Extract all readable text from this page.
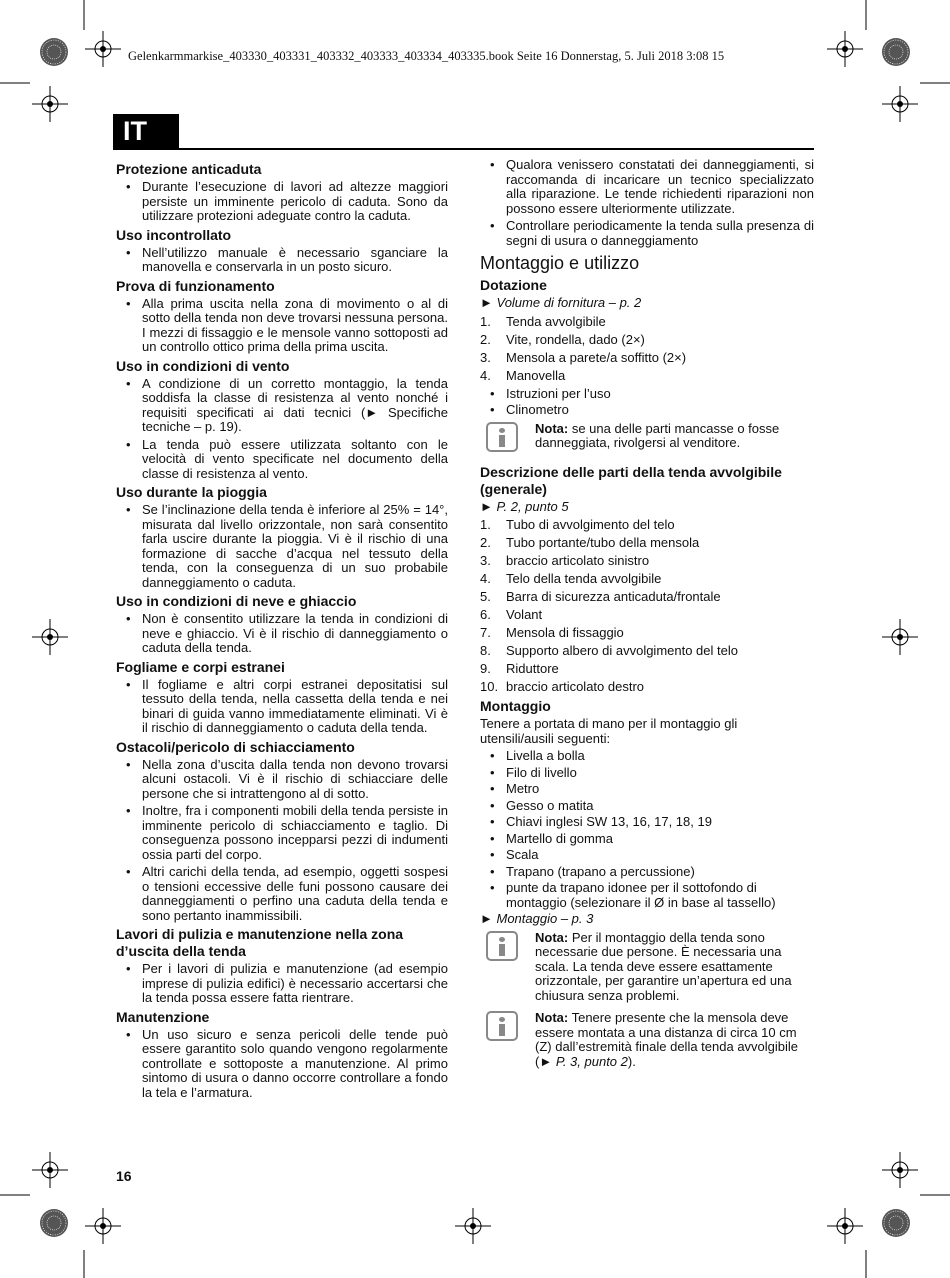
Gelenkarmmarkise_403330_403331_403332_403333_403334_403335.book Seite 16 Donnerstag, 5. Juli 2018 3:08 15
IT
Protezione anticaduta
• Durante l’esecuzione di lavori ad altezze maggiori persiste un imminente pericolo di caduta. Sono da utilizzare protezioni adeguate contro la caduta.
Uso incontrollato
• Nell’utilizzo manuale è necessario sganciare la manovella e conservarla in un posto sicuro.
Prova di funzionamento
• Alla prima uscita nella zona di movimento o al di sotto della tenda non deve trovarsi nessuna persona. I mezzi di fissaggio e le mensole vanno sottoposti ad un controllo ottico prima della prima uscita.
Uso in condizioni di vento
• A condizione di un corretto montaggio, la tenda soddisfa la classe di resistenza al vento nonché i requisiti specificati ai dati tecnici (► Specifiche tecniche – p. 19).
• La tenda può essere utilizzata soltanto con le velocità di vento specificate nel documento della classe di resistenza al vento.
Uso durante la pioggia
• Se l’inclinazione della tenda è inferiore al 25% = 14°, misurata dal livello orizzontale, non sarà consentito farla uscire durante la pioggia. Vi è il rischio di una formazione di sacche d’acqua nel tessuto della tenda, con la conseguenza di un suo probabile danneggiamento o caduta.
Uso in condizioni di neve e ghiaccio
• Non è consentito utilizzare la tenda in condizioni di neve e ghiaccio. Vi è il rischio di danneggiamento o caduta della tenda.
Fogliame e corpi estranei
• Il fogliame e altri corpi estranei depositatisi sul tessuto della tenda, nella cassetta della tenda e nei binari di guida vanno immediatamente eliminati. Vi è il rischio di danneggiamento o caduta della tenda.
Ostacoli/pericolo di schiacciamento
• Nella zona d’uscita dalla tenda non devono trovarsi alcuni ostacoli. Vi è il rischio di schiacciare delle persone che si intrattengono al di sotto.
• Inoltre, fra i componenti mobili della tenda persiste in imminente pericolo di schiacciamento e taglio. Di conseguenza possono incepparsi pezzi di indumenti ossia parti del corpo.
• Altri carichi della tenda, ad esempio, oggetti sospesi o tensioni eccessive delle funi possono causare dei danneggiamenti o perfino una caduta della tenda e sono pertanto inammissibili.
Lavori di pulizia e manutenzione nella zona d’uscita della tenda
• Per i lavori di pulizia e manutenzione (ad esempio imprese di pulizia edifici) è necessario accertarsi che la tenda possa essere fatta rientrare.
Manutenzione
• Un uso sicuro e senza pericoli delle tende può essere garantito solo quando vengono regolarmente controllate e sottoposte a manutenzione. Al primo sintomo di usura o danno occorre controllare a fondo la tela e l’armatura.
• Qualora venissero constatati dei danneggiamenti, si raccomanda di incaricare un tecnico specializzato alla riparazione. Le tende richiedenti riparazioni non possono essere ulteriormente utilizzate.
• Controllare periodicamente la tenda sulla presenza di segni di usura o danneggiamento
Montaggio e utilizzo
Dotazione
► Volume di fornitura – p. 2
1. Tenda avvolgibile
2. Vite, rondella, dado (2×)
3. Mensola a parete/a soffitto (2×)
4. Manovella
• Istruzioni per l’uso
• Clinometro
Nota: se una delle parti mancasse o fosse danneggiata, rivolgersi al venditore.
Descrizione delle parti della tenda avvolgibile (generale)
► P. 2, punto 5
1. Tubo di avvolgimento del telo
2. Tubo portante/tubo della mensola
3. braccio articolato sinistro
4. Telo della tenda avvolgibile
5. Barra di sicurezza anticaduta/frontale
6. Volant
7. Mensola di fissaggio
8. Supporto albero di avvolgimento del telo
9. Riduttore
10. braccio articolato destro
Montaggio
Tenere a portata di mano per il montaggio gli utensili/ausili seguenti:
• Livella a bolla
• Filo di livello
• Metro
• Gesso o matita
• Chiavi inglesi SW 13, 16, 17, 18, 19
• Martello di gomma
• Scala
• Trapano (trapano a percussione)
• punte da trapano idonee per il sottofondo di montaggio (selezionare il Ø in base al tassello)
► Montaggio – p. 3
Nota: Per il montaggio della tenda sono necessarie due persone. È necessaria una scala. La tenda deve essere esattamente orizzontale, per garantire un’apertura ed una chiusura senza problemi.
Nota: Tenere presente che la mensola deve essere montata a una distanza di circa 10 cm (Z) dall’estremità finale della tenda avvolgibile (► P. 3, punto 2).
16
